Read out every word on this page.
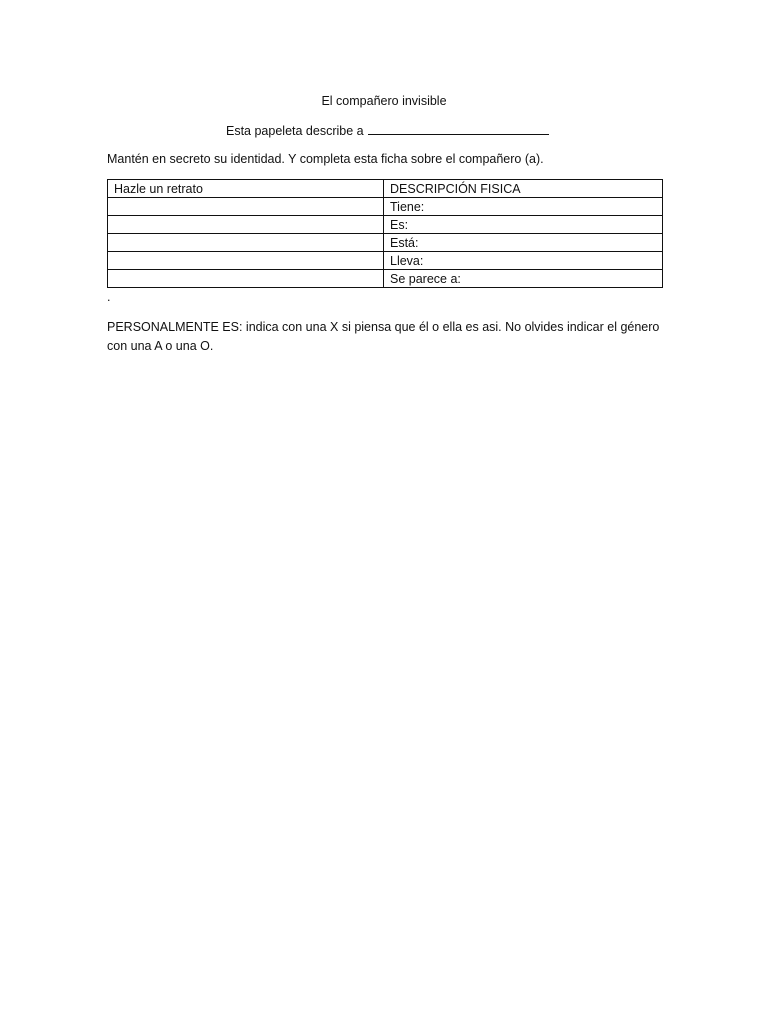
El compañero invisible
Esta papeleta describe a
Mantén en secreto su identidad. Y completa esta ficha sobre el compañero (a).
Hazle un retrato	DESCRIPCIÓN FISICA
	Tiene:
	Es:
	Está:
	Lleva:
	Se parece a:
.
PERSONALMENTE ES: indica con una X si piensa que él o ella es asi. No olvides indicar el género
con una A o una O.
